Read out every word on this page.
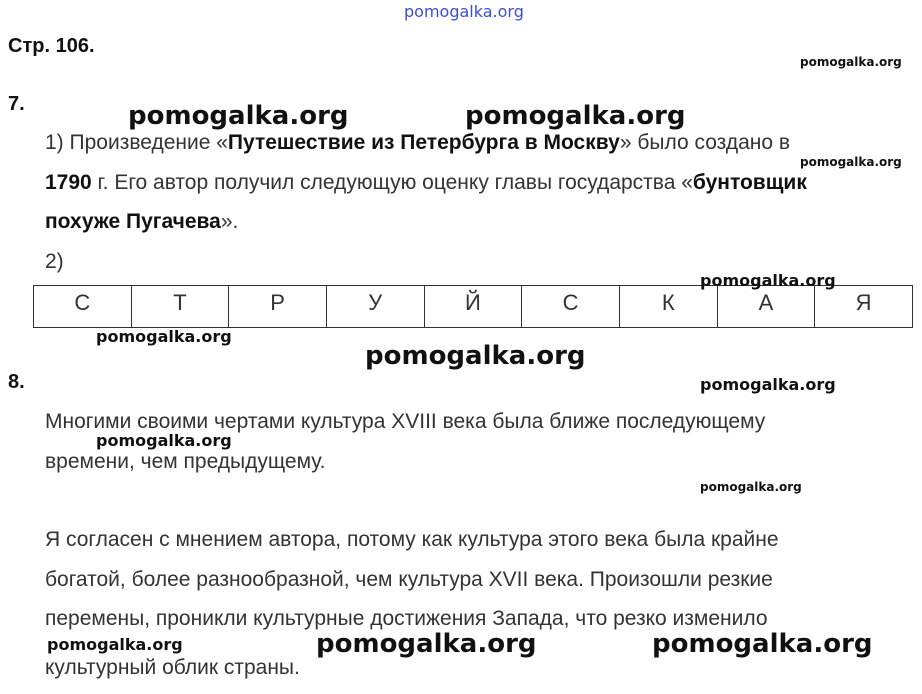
pomogalka.org
Стр. 106.
7.
1) Произведение «Путешествие из Петербурга в Москву» было создано в
1790 г. Его автор получил следующую оценку главы государства «бунтовщик
похуже Пугачева».
2)
С	Т	Р	У	Й	С	К	А	Я
8.
Многими своими чертами культура XVIII века была ближе последующему
времени, чем предыдущему.
Я согласен с мнением автора, потому как культура этого века была крайне
богатой, более разнообразной, чем культура XVII века. Произошли резкие
перемены, проникли культурные достижения Запада, что резко изменило
культурный облик страны.
pomogalka.org
pomogalka.org	pomogalka.org
pomogalka.org
pomogalka.org
pomogalka.org
pomogalka.org
pomogalka.org
pomogalka.org
pomogalka.org
pomogalka.org	pomogalka.org	pomogalka.org
